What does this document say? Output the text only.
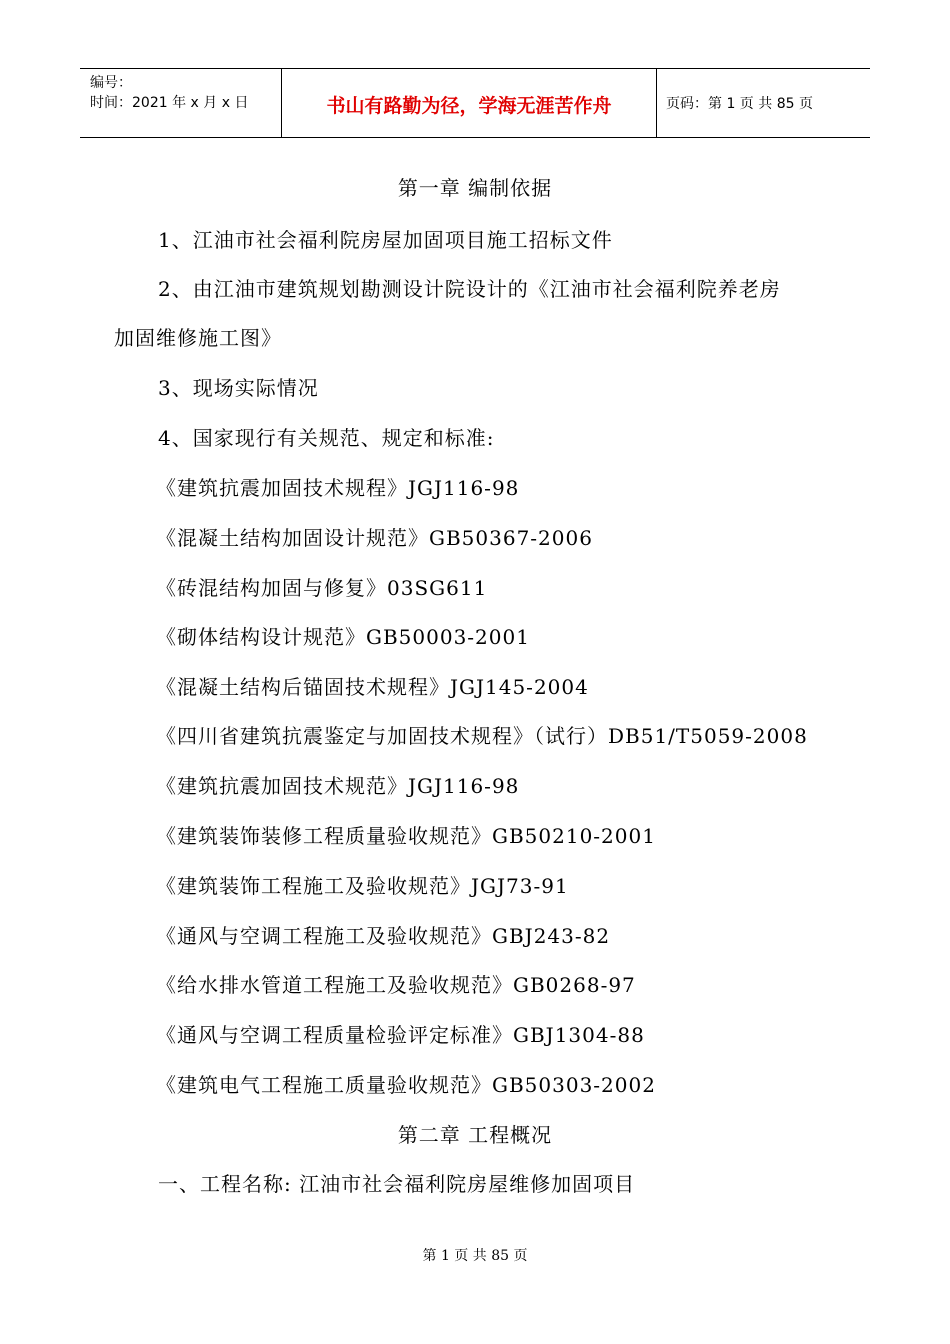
编号：
时间：2021 年 x 月 x 日	书山有路勤为径，学海无涯苦作舟	页码：第 1 页 共 85 页
第一章 编制依据
1、江油市社会福利院房屋加固项目施工招标文件
2、由江油市建筑规划勘测设计院设计的《江油市社会福利院养老房
加固维修施工图》
3、现场实际情况
4、国家现行有关规范、规定和标准:
《建筑抗震加固技术规程》JGJ116-98
《混凝土结构加固设计规范》GB50367-2006
《砖混结构加固与修复》03SG611
《砌体结构设计规范》GB50003-2001
《混凝土结构后锚固技术规程》JGJ145-2004
《四川省建筑抗震鉴定与加固技术规程》（试行）DB51/T5059-2008
《建筑抗震加固技术规范》JGJ116-98
《建筑装饰装修工程质量验收规范》GB50210-2001
《建筑装饰工程施工及验收规范》JGJ73-91
《通风与空调工程施工及验收规范》GBJ243-82
《给水排水管道工程施工及验收规范》GB0268-97
《通风与空调工程质量检验评定标准》GBJ1304-88
《建筑电气工程施工质量验收规范》GB50303-2002
第二章 工程概况
一、工程名称: 江油市社会福利院房屋维修加固项目
第 1 页 共 85 页
